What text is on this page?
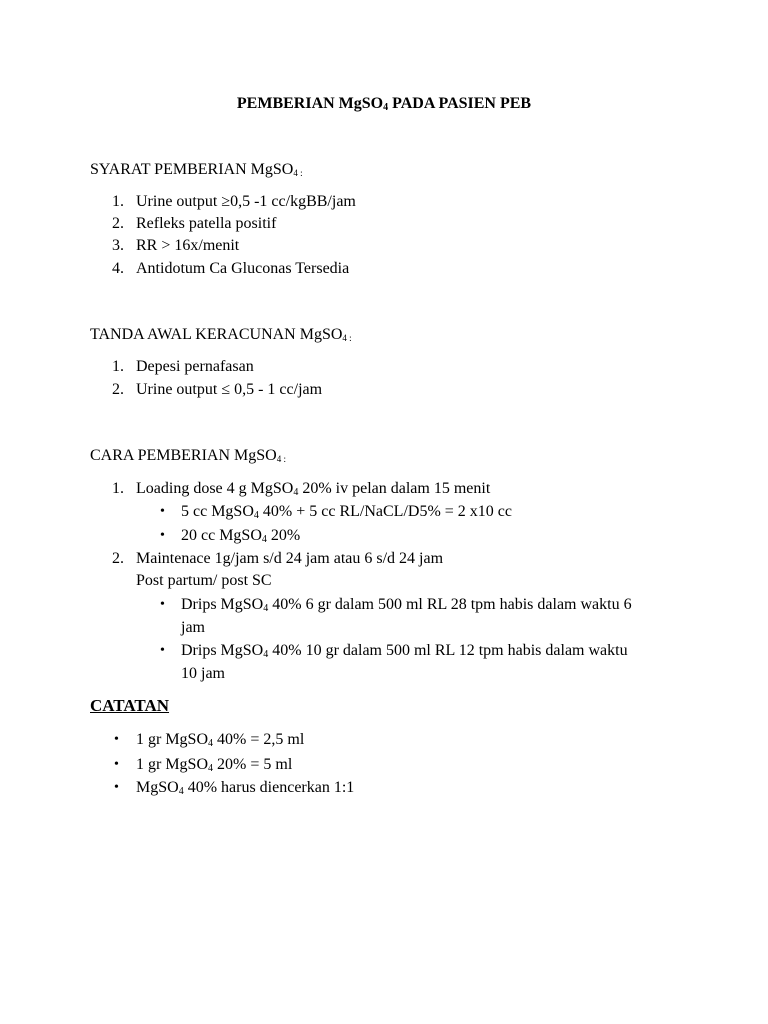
PEMBERIAN MgSO$_4$ PADA PASIEN PEB
SYARAT PEMBERIAN MgSO$_{4 :}$
1. Urine output ≥0,5 -1 cc/kgBB/jam
2. Refleks patella positif
3. RR > 16x/menit
4. Antidotum Ca Gluconas Tersedia
TANDA AWAL KERACUNAN MgSO$_{4 :}$
1. Depesi pernafasan
2. Urine output ≤ 0,5 - 1 cc/jam
CARA PEMBERIAN MgSO$_{4 :}$
1. Loading dose 4 g MgSO$_4$ 20% iv pelan dalam 15 menit
• 5 cc MgSO$_4$ 40% + 5 cc RL/NaCL/D5% = 2 x10 cc
• 20 cc MgSO$_4$ 20%
2. Maintenace 1g/jam s/d 24 jam atau 6 s/d 24 jam
Post partum/ post SC
• Drips MgSO$_4$ 40% 6 gr dalam 500 ml RL 28 tpm habis dalam waktu 6
jam
• Drips MgSO$_4$ 40% 10 gr dalam 500 ml RL 12 tpm habis dalam waktu
10 jam
CATATAN
• 1 gr MgSO$_4$ 40% = 2,5 ml
• 1 gr MgSO$_4$ 20% = 5 ml
• MgSO$_4$ 40% harus diencerkan 1:1
